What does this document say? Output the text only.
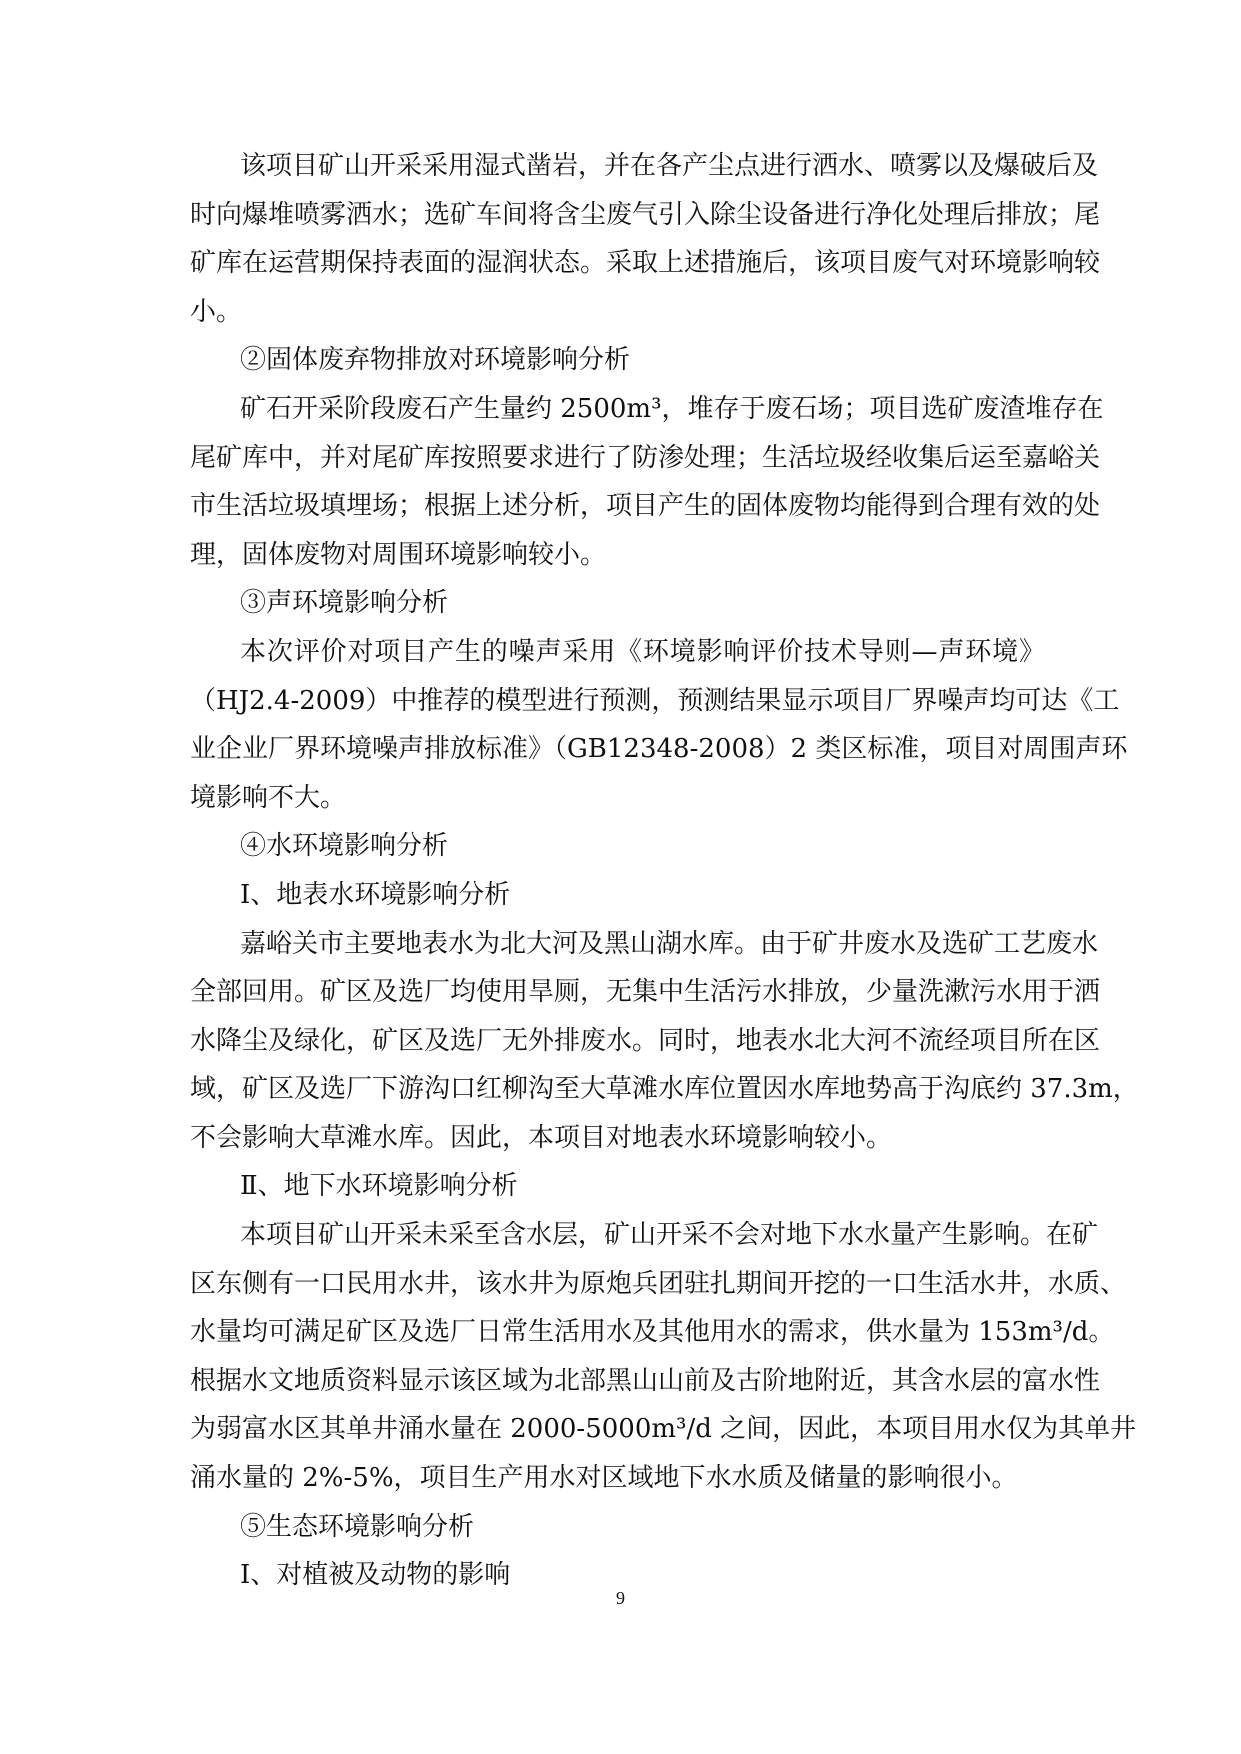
该项目矿山开采采用湿式凿岩，并在各产尘点进行洒水、喷雾以及爆破后及
时向爆堆喷雾洒水；选矿车间将含尘废气引入除尘设备进行净化处理后排放；尾
矿库在运营期保持表面的湿润状态。采取上述措施后，该项目废气对环境影响较
小。
②固体废弃物排放对环境影响分析
矿石开采阶段废石产生量约 2500m³，堆存于废石场；项目选矿废渣堆存在
尾矿库中，并对尾矿库按照要求进行了防渗处理；生活垃圾经收集后运至嘉峪关
市生活垃圾填埋场；根据上述分析，项目产生的固体废物均能得到合理有效的处
理，固体废物对周围环境影响较小。
③声环境影响分析
本次评价对项目产生的噪声采用《环境影响评价技术导则—声环境》
（HJ2.4-2009）中推荐的模型进行预测，预测结果显示项目厂界噪声均可达《工
业企业厂界环境噪声排放标准》（GB12348-2008）2 类区标准，项目对周围声环
境影响不大。
④水环境影响分析
Ⅰ、地表水环境影响分析
嘉峪关市主要地表水为北大河及黑山湖水库。由于矿井废水及选矿工艺废水
全部回用。矿区及选厂均使用旱厕，无集中生活污水排放，少量洗漱污水用于洒
水降尘及绿化，矿区及选厂无外排废水。同时，地表水北大河不流经项目所在区
域，矿区及选厂下游沟口红柳沟至大草滩水库位置因水库地势高于沟底约 37.3m，
不会影响大草滩水库。因此，本项目对地表水环境影响较小。
Ⅱ、地下水环境影响分析
本项目矿山开采未采至含水层，矿山开采不会对地下水水量产生影响。在矿
区东侧有一口民用水井，该水井为原炮兵团驻扎期间开挖的一口生活水井，水质、
水量均可满足矿区及选厂日常生活用水及其他用水的需求，供水量为 153m³/d。
根据水文地质资料显示该区域为北部黑山山前及古阶地附近，其含水层的富水性
为弱富水区其单井涌水量在 2000-5000m³/d 之间，因此，本项目用水仅为其单井
涌水量的 2%-5%，项目生产用水对区域地下水水质及储量的影响很小。
⑤生态环境影响分析
Ⅰ、对植被及动物的影响
9
